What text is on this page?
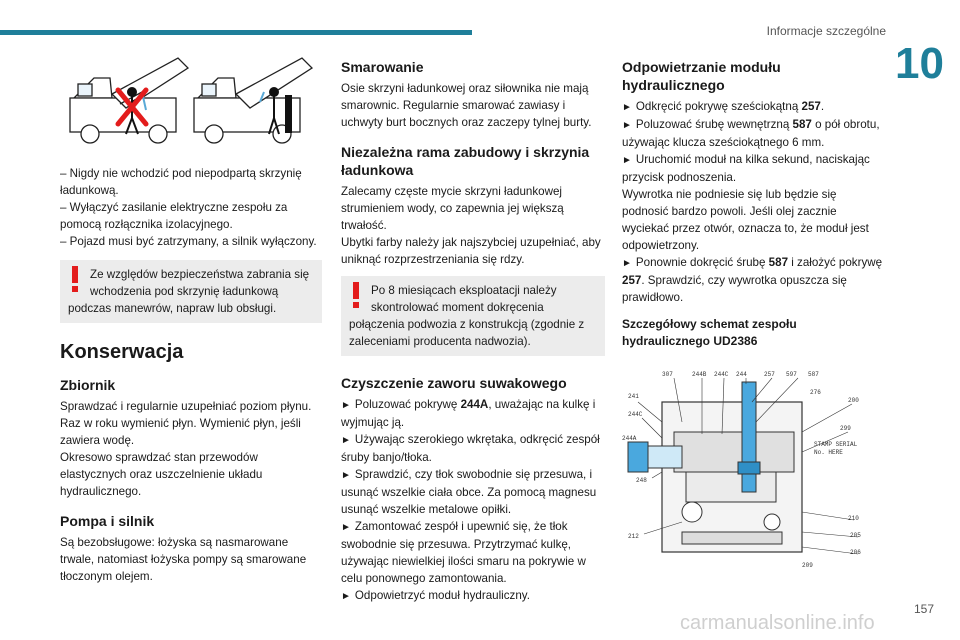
Informacje szczególne
10

– Nigdy nie wchodzić pod niepodpartą skrzynię ładunkową.

– Wyłączyć zasilanie elektryczne zespołu za pomocą rozłącznika izolacyjnego.

– Pojazd musi być zatrzymany, a silnik wyłączony.

Ze względów bezpieczeństwa zabrania się wchodzenia pod skrzynię ładunkową

podczas manewrów, napraw lub obsługi.

Konserwacja
Zbiornik

Sprawdzać i regularnie uzupełniać poziom płynu. Raz w roku wymienić płyn. Wymienić płyn, jeśli zawiera wodę.

Okresowo sprawdzać stan przewodów elastycznych oraz uszczelnienie układu hydraulicznego.

Pompa i silnik

Są bezobsługowe: łożyska są nasmarowane trwale, natomiast łożyska pompy są smarowane tłoczonym olejem.

Smarowanie

Osie skrzyni ładunkowej oraz siłownika nie mają smarownic. Regularnie smarować zawiasy i uchwyty burt bocznych oraz zaczepy tylnej burty.

Niezależna rama zabudowy i skrzynia ładunkowa

Zalecamy częste mycie skrzyni ładunkowej strumieniem wody, co zapewnia jej większą trwałość.

Ubytki farby należy jak najszybciej uzupełniać, aby uniknąć rozprzestrzeniania się rdzy.

Po 8 miesiącach eksploatacji należy skontrolować moment dokręcenia

połączenia podwozia z konstrukcją (zgodnie z zaleceniami producenta nadwozia).

Czyszczenie zaworu suwakowego

► Poluzować pokrywę 244A, uważając na kulkę i wyjmując ją.

► Używając szerokiego wkrętaka, odkręcić zespół śruby banjo/tłoka.

► Sprawdzić, czy tłok swobodnie się przesuwa, i usunąć wszelkie ciała obce. Za pomocą magnesu usunąć wszelkie metalowe opiłki.

► Zamontować zespół i upewnić się, że tłok swobodnie się przesuwa. Przytrzymać kulkę, używając niewielkiej ilości smaru na pokrywie w celu ponownego zamontowania.

► Odpowietrzyć moduł hydrauliczny.

Odpowietrzanie modułu hydraulicznego

► Odkręcić pokrywę sześciokątną 257.

► Poluzować śrubę wewnętrzną 587 o pół obrotu, używając klucza sześciokątnego 6 mm.

► Uruchomić moduł na kilka sekund, naciskając przycisk podnoszenia.

Wywrotka nie podniesie się lub będzie się podnosić bardzo powoli. Jeśli olej zacznie wyciekać przez otwór, oznacza to, że moduł jest odpowietrzony.

► Ponownie dokręcić śrubę 587 i założyć pokrywę 257. Sprawdzić, czy wywrotka opuszcza się prawidłowo.

Szczegółowy schemat zespołu hydraulicznego UD2386
307	244B 244C 244	257 597 587
276
241
244C
244A
248
212
209
200
299
STAMP SERIAL
No. HERE
210
205
206
157
carmanualsonline.info
